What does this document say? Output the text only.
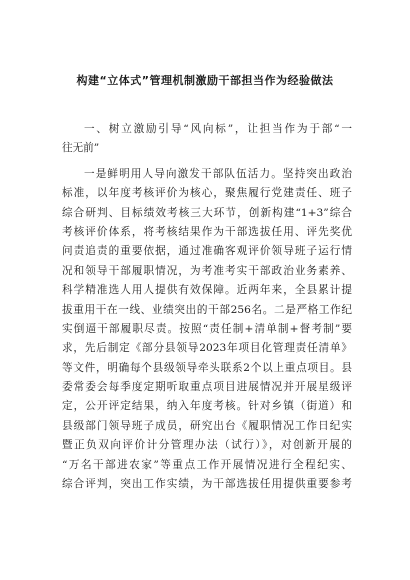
构建“立体式”管理机制激励干部担当作为经验做法
一、树立激励引导“风向标”，让担当作为于部“一
往无前”
一是鲜明用人导向激发干部队伍活力。坚持突出政治
标准，以年度考核评价为核心，聚焦履行党建责任、班子
综合研判、目标绩效考核三大环节，创新构建“1+3”综合
考核评价体系，将考核结果作为干部选拔任用、评先奖优
问责追责的重要依据，通过准确客观评价领导班子运行情
况和领导干部履职情况，为考准考实干部政治业务素养、
科学精准选人用人提供有效保障。近两年来，全县累计提
拔重用干在一线、业绩突出的干部256名。二是严格工作纪
实倒逼干部履职尽责。按照“责任制+清单制+督考制”要
求，先后制定《部分县领导2023年项目化管理责任清单》
等文件，明确每个县级领导牵头联系2个以上重点项目。县
委常委会每季度定期听取重点项目进展情况并开展星级评
定，公开评定结果，纳入年度考核。针对乡镇（街道）和
县级部门领导班子成员，研究出台《履职情况工作日纪实
暨正负双向评价计分管理办法（试行）》，对创新开展的
“万名干部进农家”等重点工作开展情况进行全程纪实、
综合评判，突出工作实绩，为干部选拔任用提供重要参考
